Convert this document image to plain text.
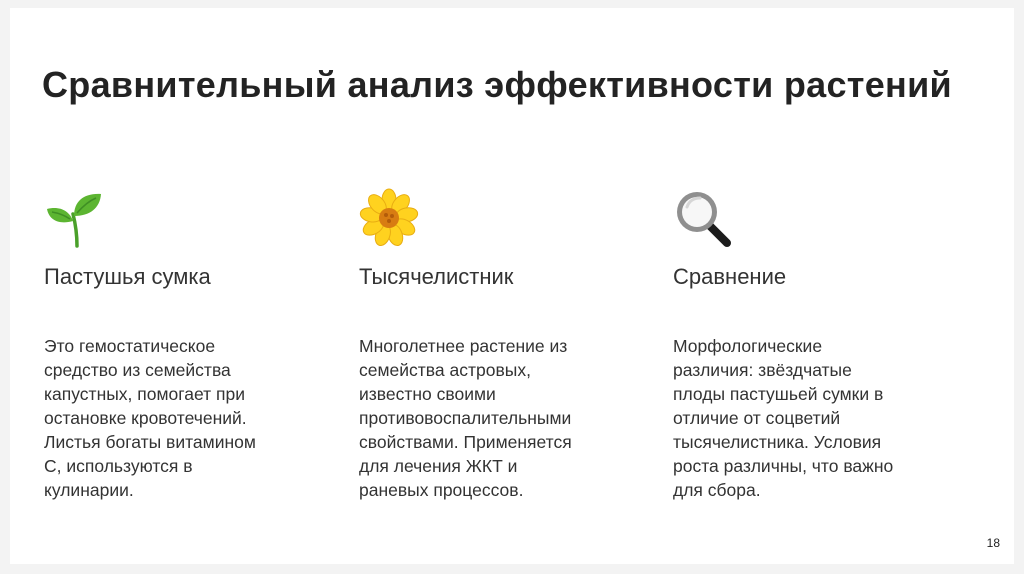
Сравнительный анализ эффективности растений
Пастушья сумка

Это гемостатическое
средство из семейства
капустных, помогает при
остановке кровотечений.
Листья богаты витамином
С, используются в
кулинарии.

Тысячелистник

Многолетнее растение из
семейства астровых,
известно своими
противовоспалительными
свойствами. Применяется
для лечения ЖКТ и
раневых процессов.

Сравнение

Морфологические
различия: звёздчатые
плоды пастушьей сумки в
отличие от соцветий
тысячелистника. Условия
роста различны, что важно
для сбора.

18
